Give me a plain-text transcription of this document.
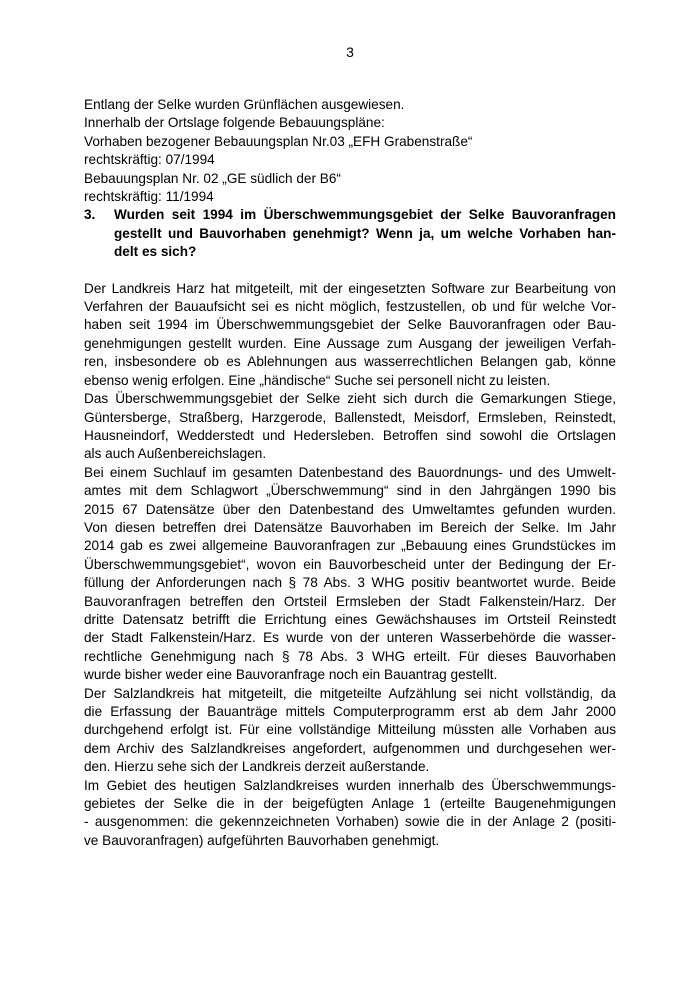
3

Entlang der Selke wurden Grünflächen ausgewiesen.

Innerhalb der Ortslage folgende Bebauungspläne:
Vorhaben bezogener Bebauungsplan Nr.03 „EFH Grabenstraße“
rechtskräftig: 07/1994

Bebauungsplan Nr. 02 „GE südlich der B6“
rechtskräftig: 11/1994

3. Wurden seit 1994 im Überschwemmungsgebiet der Selke Bauvoranfragen
gestellt und Bauvorhaben genehmigt? Wenn ja, um welche Vorhaben han-
delt es sich?

Der Landkreis Harz hat mitgeteilt, mit der eingesetzten Software zur Bearbeitung von
Verfahren der Bauaufsicht sei es nicht möglich, festzustellen, ob und für welche Vor-
haben seit 1994 im Überschwemmungsgebiet der Selke Bauvoranfragen oder Bau-
genehmigungen gestellt wurden. Eine Aussage zum Ausgang der jeweiligen Verfah-
ren, insbesondere ob es Ablehnungen aus wasserrechtlichen Belangen gab, könne
ebenso wenig erfolgen. Eine „händische“ Suche sei personell nicht zu leisten.

Das Überschwemmungsgebiet der Selke zieht sich durch die Gemarkungen Stiege,
Güntersberge, Straßberg, Harzgerode, Ballenstedt, Meisdorf, Ermsleben, Reinstedt,
Hausneindorf, Wedderstedt und Hedersleben. Betroffen sind sowohl die Ortslagen
als auch Außenbereichslagen.

Bei einem Suchlauf im gesamten Datenbestand des Bauordnungs- und des Umwelt-
amtes mit dem Schlagwort „Überschwemmung“ sind in den Jahrgängen 1990 bis
2015 67 Datensätze über den Datenbestand des Umweltamtes gefunden wurden.
Von diesen betreffen drei Datensätze Bauvorhaben im Bereich der Selke. Im Jahr
2014 gab es zwei allgemeine Bauvoranfragen zur „Bebauung eines Grundstückes im
Überschwemmungsgebiet“, wovon ein Bauvorbescheid unter der Bedingung der Er-
füllung der Anforderungen nach § 78 Abs. 3 WHG positiv beantwortet wurde. Beide
Bauvoranfragen betreffen den Ortsteil Ermsleben der Stadt Falkenstein/Harz. Der
dritte Datensatz betrifft die Errichtung eines Gewächshauses im Ortsteil Reinstedt
der Stadt Falkenstein/Harz. Es wurde von der unteren Wasserbehörde die wasser-
rechtliche Genehmigung nach § 78 Abs. 3 WHG erteilt. Für dieses Bauvorhaben
wurde bisher weder eine Bauvoranfrage noch ein Bauantrag gestellt.

Der Salzlandkreis hat mitgeteilt, die mitgeteilte Aufzählung sei nicht vollständig, da
die Erfassung der Bauanträge mittels Computerprogramm erst ab dem Jahr 2000
durchgehend erfolgt ist. Für eine vollständige Mitteilung müssten alle Vorhaben aus
dem Archiv des Salzlandkreises angefordert, aufgenommen und durchgesehen wer-
den. Hierzu sehe sich der Landkreis derzeit außerstande.

Im Gebiet des heutigen Salzlandkreises wurden innerhalb des Überschwemmungs-
gebietes der Selke die in der beigefügten Anlage 1 (erteilte Baugenehmigungen
- ausgenommen: die gekennzeichneten Vorhaben) sowie die in der Anlage 2 (positi-
ve Bauvoranfragen) aufgeführten Bauvorhaben genehmigt.
